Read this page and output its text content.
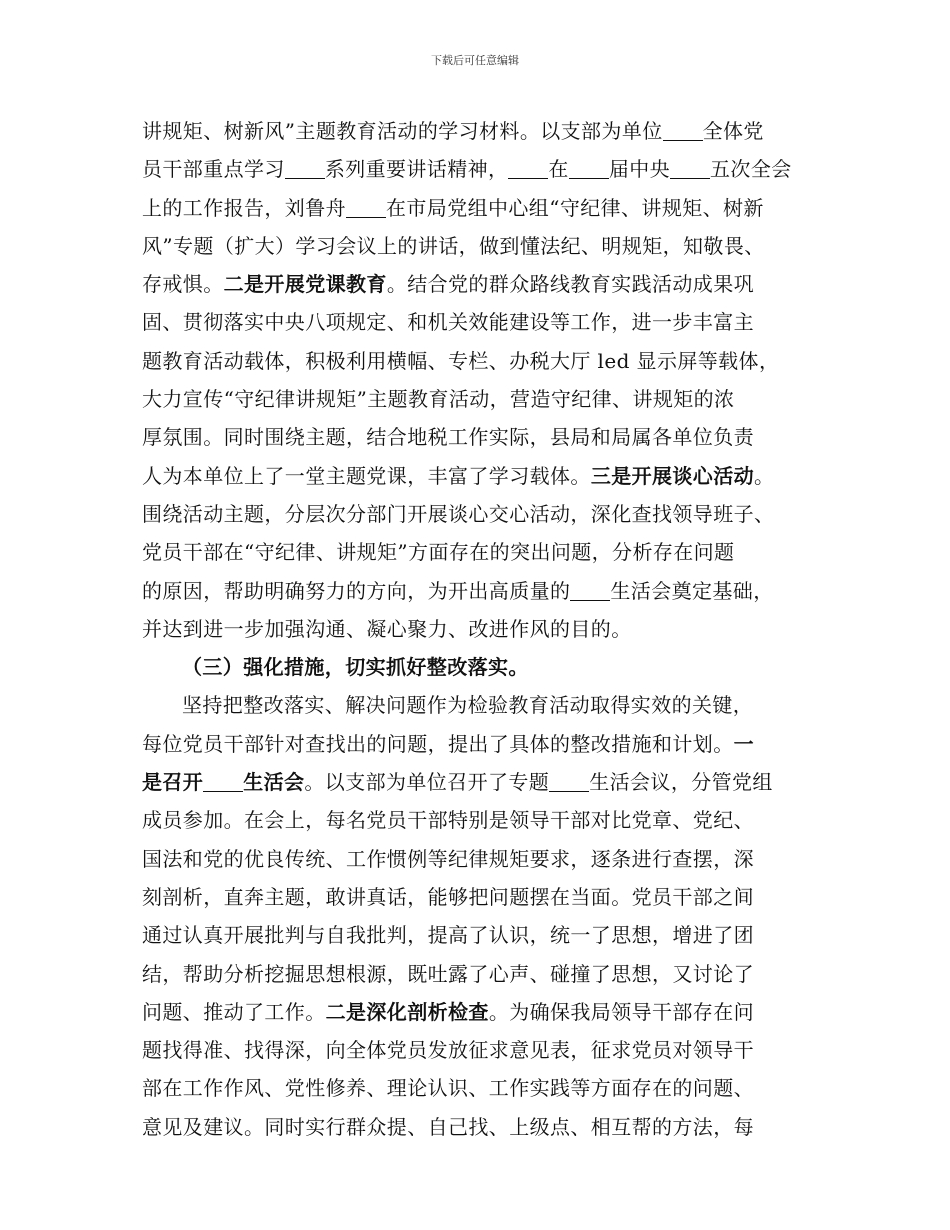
下载后可任意编辑
讲规矩、树新风”主题教育活动的学习材料。以支部为单位 全体党
员干部重点学习 系列重要讲话精神， 在 届中央 五次全会
上的工作报告，刘鲁舟 在市局党组中心组“守纪律、讲规矩、树新
风”专题（扩大）学习会议上的讲话，做到懂法纪、明规矩，知敬畏、
存戒惧。二是开展党课教育。结合党的群众路线教育实践活动成果巩
固、贯彻落实中央八项规定、和机关效能建设等工作，进一步丰富主
题教育活动载体，积极利用横幅、专栏、办税大厅 led 显示屏等载体，
大力宣传“守纪律讲规矩”主题教育活动，营造守纪律、讲规矩的浓
厚氛围。同时围绕主题，结合地税工作实际，县局和局属各单位负责
人为本单位上了一堂主题党课，丰富了学习载体。三是开展谈心活动。
围绕活动主题，分层次分部门开展谈心交心活动，深化查找领导班子、
党员干部在“守纪律、讲规矩”方面存在的突出问题，分析存在问题
的原因，帮助明确努力的方向，为开出高质量的 生活会奠定基础，
并达到进一步加强沟通、凝心聚力、改进作风的目的。
（三）强化措施，切实抓好整改落实。
坚持把整改落实、解决问题作为检验教育活动取得实效的关键，
每位党员干部针对查找出的问题，提出了具体的整改措施和计划。一
是召开 生活会。以支部为单位召开了专题 生活会议，分管党组
成员参加。在会上，每名党员干部特别是领导干部对比党章、党纪、
国法和党的优良传统、工作惯例等纪律规矩要求，逐条进行查摆，深
刻剖析，直奔主题，敢讲真话，能够把问题摆在当面。党员干部之间
通过认真开展批判与自我批判，提高了认识，统一了思想，增进了团
结，帮助分析挖掘思想根源，既吐露了心声、碰撞了思想，又讨论了
问题、推动了工作。二是深化剖析检查。为确保我局领导干部存在问
题找得准、找得深，向全体党员发放征求意见表，征求党员对领导干
部在工作作风、党性修养、理论认识、工作实践等方面存在的问题、
意见及建议。同时实行群众提、自己找、上级点、相互帮的方法，每
